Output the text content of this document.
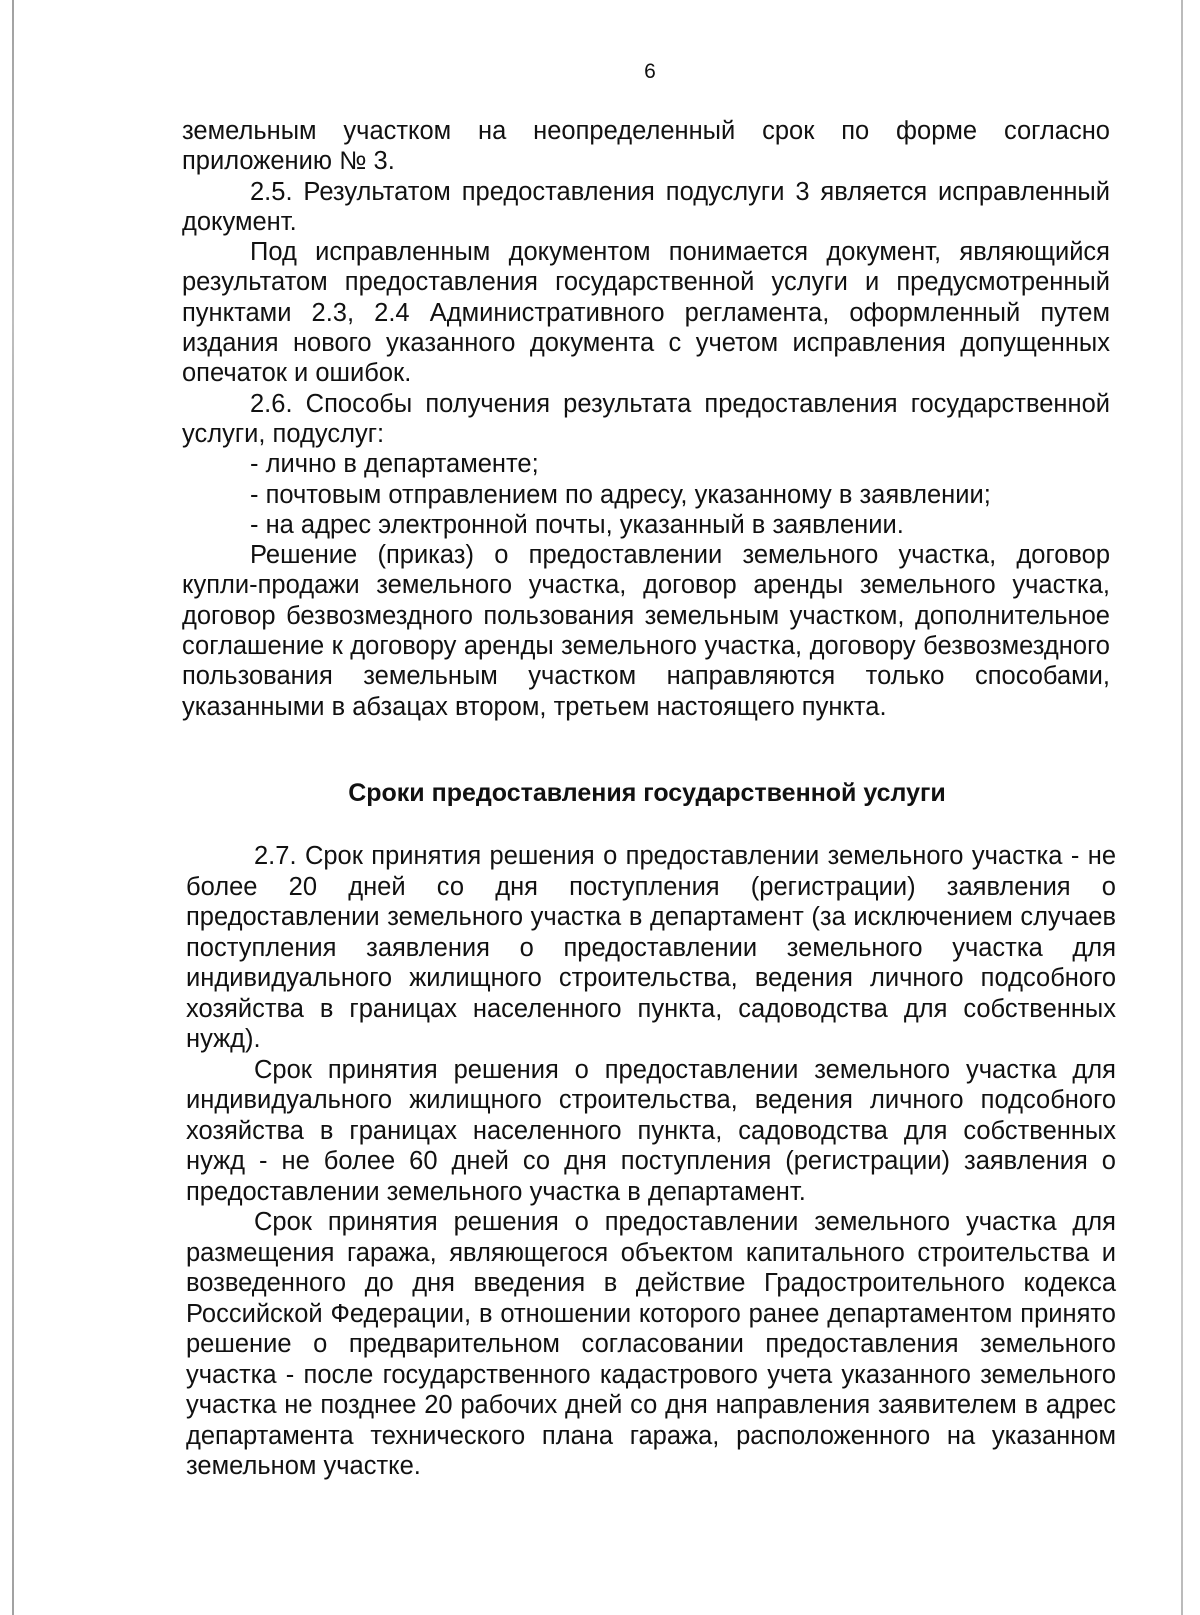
6

земельным участком на неопределенный срок по форме согласно приложению № 3.

2.5. Результатом предоставления подуслуги 3 является исправленный документ.

Под исправленным документом понимается документ, являющийся результатом предоставления государственной услуги и предусмотренный пунктами 2.3, 2.4 Административного регламента, оформленный путем издания нового указанного документа с учетом исправления допущенных опечаток и ошибок.

2.6. Способы получения результата предоставления государственной услуги, подуслуг:

- лично в департаменте;

- почтовым отправлением по адресу, указанному в заявлении;

- на адрес электронной почты, указанный в заявлении.

Решение (приказ) о предоставлении земельного участка, договор купли-продажи земельного участка, договор аренды земельного участка, договор безвозмездного пользования земельным участком, дополнительное соглашение к договору аренды земельного участка, договору безвозмездного пользования земельным участком направляются только способами, указанными в абзацах втором, третьем настоящего пункта.

Сроки предоставления государственной услуги

2.7. Срок принятия решения о предоставлении земельного участка - не более 20 дней со дня поступления (регистрации) заявления о предоставлении земельного участка в департамент (за исключением случаев поступления заявления о предоставлении земельного участка для индивидуального жилищного строительства, ведения личного подсобного хозяйства в границах населенного пункта, садоводства для собственных нужд).

Срок принятия решения о предоставлении земельного участка для индивидуального жилищного строительства, ведения личного подсобного хозяйства в границах населенного пункта, садоводства для собственных нужд - не более 60 дней со дня поступления (регистрации) заявления о предоставлении земельного участка в департамент.

Срок принятия решения о предоставлении земельного участка для размещения гаража, являющегося объектом капитального строительства и возведенного до дня введения в действие Градостроительного кодекса Российской Федерации, в отношении которого ранее департаментом принято решение о предварительном согласовании предоставления земельного участка - после государственного кадастрового учета указанного земельного участка не позднее 20 рабочих дней со дня направления заявителем в адрес департамента технического плана гаража, расположенного на указанном земельном участке.
